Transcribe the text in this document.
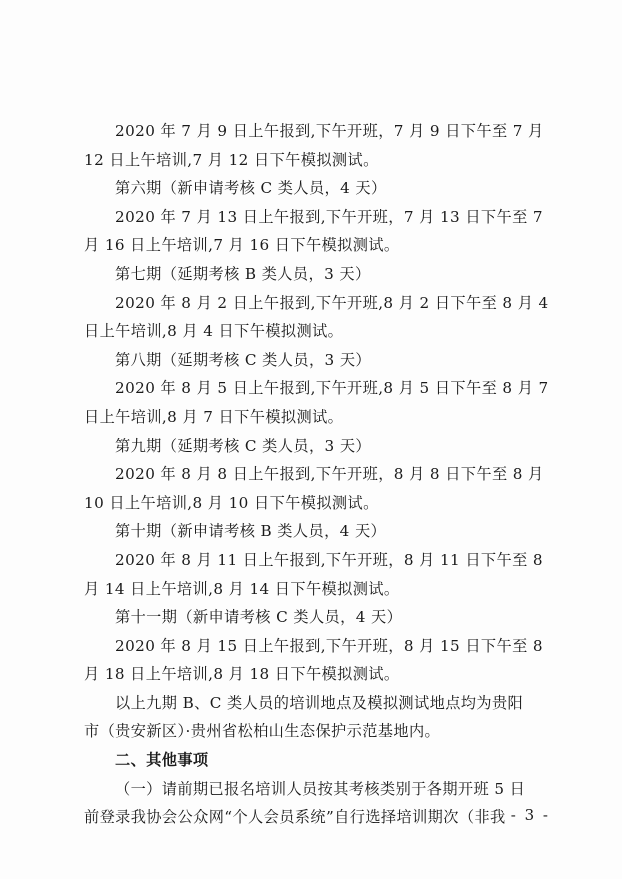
2020 年 7 月 9 日上午报到,下午开班，7 月 9 日下午至 7 月
12 日上午培训,7 月 12 日下午模拟测试。
第六期（新申请考核 C 类人员，4 天）
2020 年 7 月 13 日上午报到,下午开班，7 月 13 日下午至 7
月 16 日上午培训,7 月 16 日下午模拟测试。
第七期（延期考核 B 类人员，3 天）
2020 年 8 月 2 日上午报到,下午开班,8 月 2 日下午至 8 月 4
日上午培训,8 月 4 日下午模拟测试。
第八期（延期考核 C 类人员，3 天）
2020 年 8 月 5 日上午报到,下午开班,8 月 5 日下午至 8 月 7
日上午培训,8 月 7 日下午模拟测试。
第九期（延期考核 C 类人员，3 天）
2020 年 8 月 8 日上午报到,下午开班，8 月 8 日下午至 8 月
10 日上午培训,8 月 10 日下午模拟测试。
第十期（新申请考核 B 类人员，4 天）
2020 年 8 月 11 日上午报到,下午开班，8 月 11 日下午至 8
月 14 日上午培训,8 月 14 日下午模拟测试。
第十一期（新申请考核 C 类人员，4 天）
2020 年 8 月 15 日上午报到,下午开班，8 月 15 日下午至 8
月 18 日上午培训,8 月 18 日下午模拟测试。
以上九期 B、C 类人员的培训地点及模拟测试地点均为贵阳
市（贵安新区）·贵州省松柏山生态保护示范基地内。
二、其他事项
（一）请前期已报名培训人员按其考核类别于各期开班 5 日
前登录我协会公众网“个人会员系统”自行选择培训期次（非我 - 3 -
